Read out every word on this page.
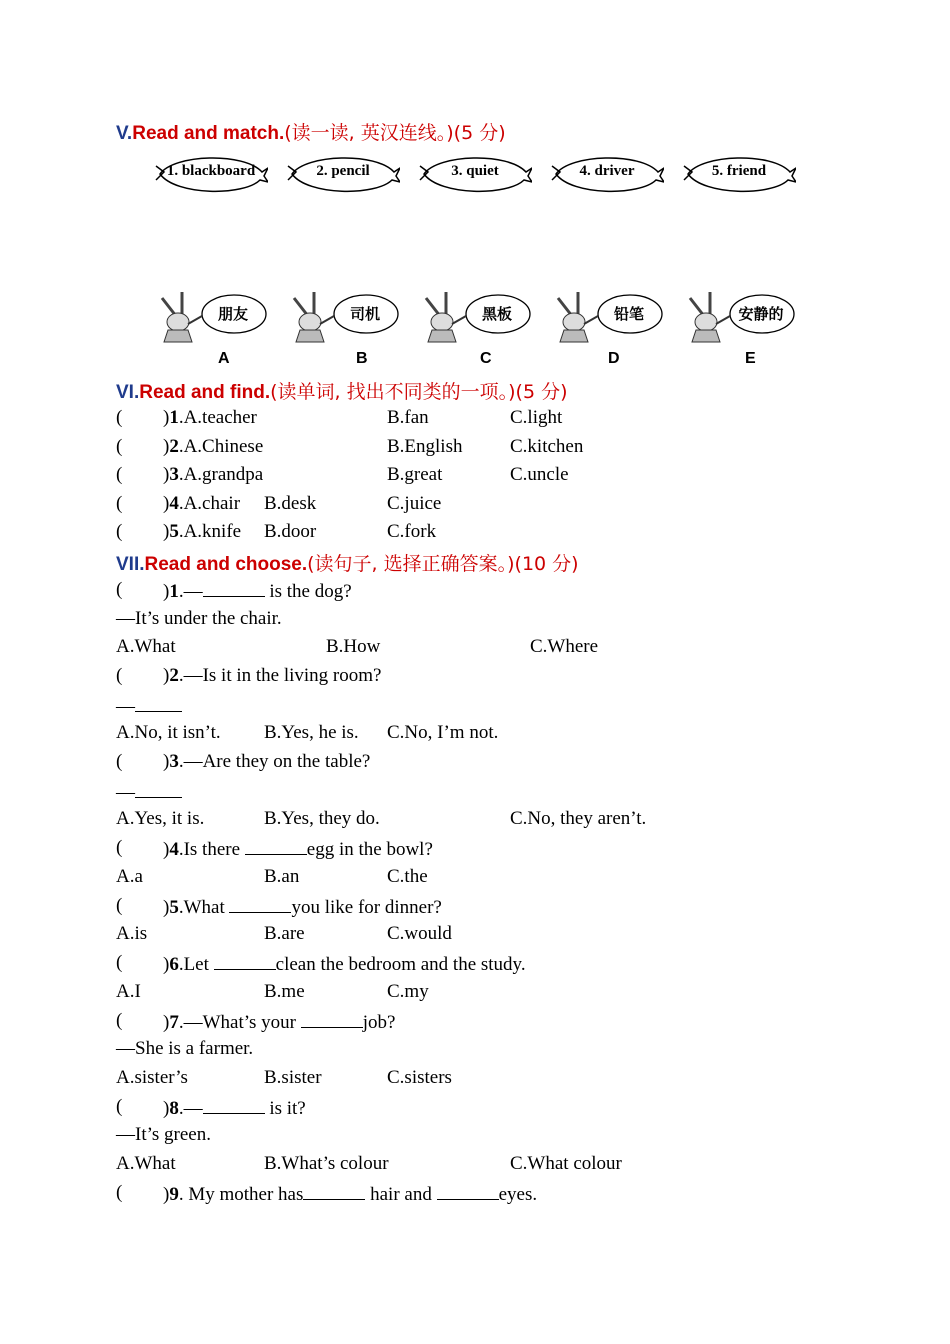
V.Read and match.(读一读, 英汉连线。)(5 分)
1. blackboard	2. pencil	3. quiet	4. driver	5. friend
朋友	司机	黑板	铅笔	安静的
A	B	C	D	E
VI.Read and find.(读单词, 找出不同类的一项。)(5 分)
( )1.A.teacher	B.fan	C.light
( )2.A.Chinese	B.English	C.kitchen
( )3.A.grandpa	B.great	C.uncle
( )4.A.chair B.desk	C.juice
( )5.A.knife B.door	C.fork
VII.Read and choose.(读句子, 选择正确答案。)(10 分)
( )1.—	is the dog?
—It’s under the chair.
A.What	B.How	C.Where
( )2.—Is it in the living room?
—
A.No, it isn’t. B.Yes, he is. C.No, I’m not.
( )3.—Are they on the table?
—
A.Yes, it is.	B.Yes, they do.	C.No, they aren’t.
( )4.Is there	egg in the bowl?
A.a	B.an	C.the
( )5.What	you like for dinner?
A.is	B.are	C.would
( )6.Let	clean the bedroom and the study.
A.I	B.me	C.my
( )7.—What’s your	job?
—She is a farmer.
A.sister’s	B.sister	C.sisters
( )8.—	is it?
—It’s green.
A.What	B.What’s colour	C.What colour
( )9. My mother has	hair and	eyes.
